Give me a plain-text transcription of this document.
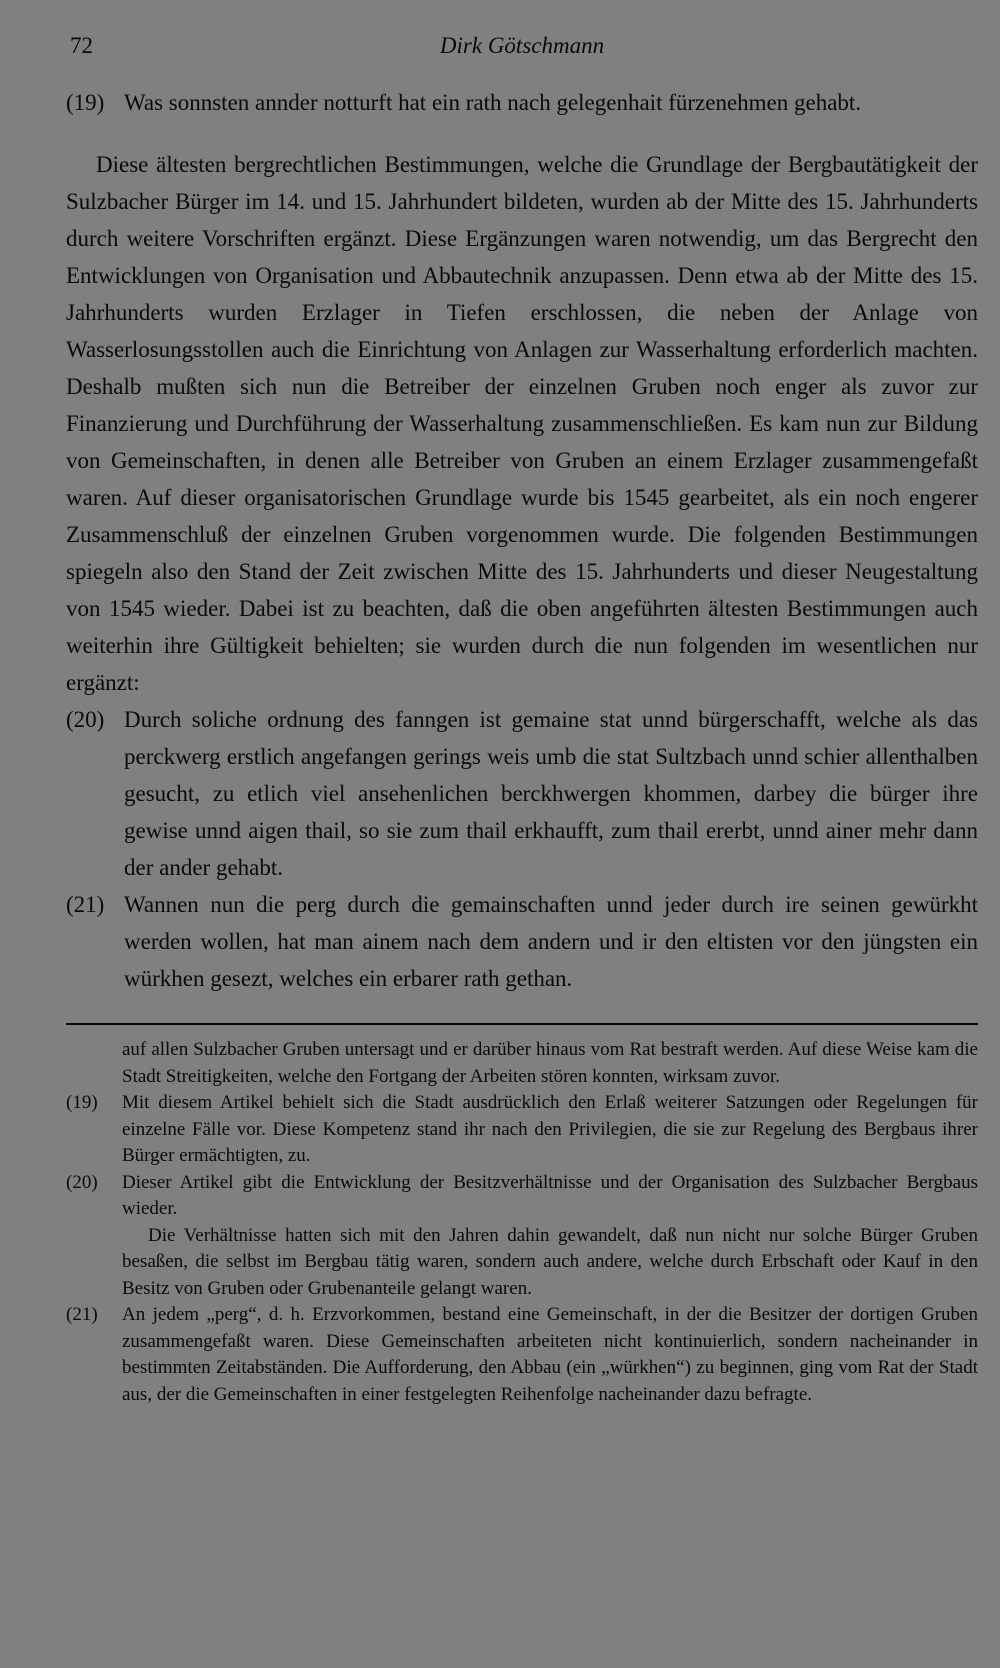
72	Dirk Götschmann
(19) Was sonnsten annder notturft hat ein rath nach gelegenhait fürzenehmen gehabt.

Diese ältesten bergrechtlichen Bestimmungen, welche die Grundlage der Bergbautätigkeit der Sulzbacher Bürger im 14. und 15. Jahrhundert bildeten, wurden ab der Mitte des 15. Jahrhunderts durch weitere Vorschriften ergänzt. Diese Ergänzungen waren notwendig, um das Bergrecht den Entwicklungen von Organisation und Abbautechnik anzupassen. Denn etwa ab der Mitte des 15. Jahrhunderts wurden Erzlager in Tiefen erschlossen, die neben der Anlage von Wasserlosungsstollen auch die Einrichtung von Anlagen zur Wasserhaltung erforderlich machten. Deshalb mußten sich nun die Betreiber der einzelnen Gruben noch enger als zuvor zur Finanzierung und Durchführung der Wasserhaltung zusammenschließen. Es kam nun zur Bildung von Gemeinschaften, in denen alle Betreiber von Gruben an einem Erzlager zusammengefaßt waren. Auf dieser organisatorischen Grundlage wurde bis 1545 gearbeitet, als ein noch engerer Zusammenschluß der einzelnen Gruben vorgenommen wurde. Die folgenden Bestimmungen spiegeln also den Stand der Zeit zwischen Mitte des 15. Jahrhunderts und dieser Neugestaltung von 1545 wieder. Dabei ist zu beachten, daß die oben angeführten ältesten Bestimmungen auch weiterhin ihre Gültigkeit behielten; sie wurden durch die nun folgenden im wesentlichen nur ergänzt:

(20) Durch soliche ordnung des fanngen ist gemaine stat unnd bürgerschafft, welche als das perckwerg erstlich angefangen gerings weis umb die stat Sultzbach unnd schier allenthalben gesucht, zu etlich viel ansehenlichen berckhwergen khommen, darbey die bürger ihre gewise unnd aigen thail, so sie zum thail erkhaufft, zum thail ererbt, unnd ainer mehr dann der ander gehabt.
(21) Wannen nun die perg durch die gemainschaften unnd jeder durch ire seinen gewürkht werden wollen, hat man ainem nach dem andern und ir den eltisten vor den jüngsten ein würkhen gesezt, welches ein erbarer rath gethan.
auf allen Sulzbacher Gruben untersagt und er darüber hinaus vom Rat bestraft werden. Auf diese Weise kam die Stadt Streitigkeiten, welche den Fortgang der Arbeiten stören konnten, wirksam zuvor.
(19)	Mit diesem Artikel behielt sich die Stadt ausdrücklich den Erlaß weiterer Satzungen oder Regelungen für einzelne Fälle vor. Diese Kompetenz stand ihr nach den Privilegien, die sie zur Regelung des Bergbaus ihrer Bürger ermächtigten, zu.
(20)	Dieser Artikel gibt die Entwicklung der Besitzverhältnisse und der Organisation des Sulzbacher Bergbaus wieder.
Die Verhältnisse hatten sich mit den Jahren dahin gewandelt, daß nun nicht nur solche Bürger Gruben besaßen, die selbst im Bergbau tätig waren, sondern auch andere, welche durch Erbschaft oder Kauf in den Besitz von Gruben oder Grubenanteile gelangt waren.
(21)	An jedem „perg“, d. h. Erzvorkommen, bestand eine Gemeinschaft, in der die Besitzer der dortigen Gruben zusammengefaßt waren. Diese Gemeinschaften arbeiteten nicht kontinuierlich, sondern nacheinander in bestimmten Zeitabständen. Die Aufforderung, den Abbau (ein „würkhen“) zu beginnen, ging vom Rat der Stadt aus, der die Gemeinschaften in einer festgelegten Reihenfolge nacheinander dazu befragte.
